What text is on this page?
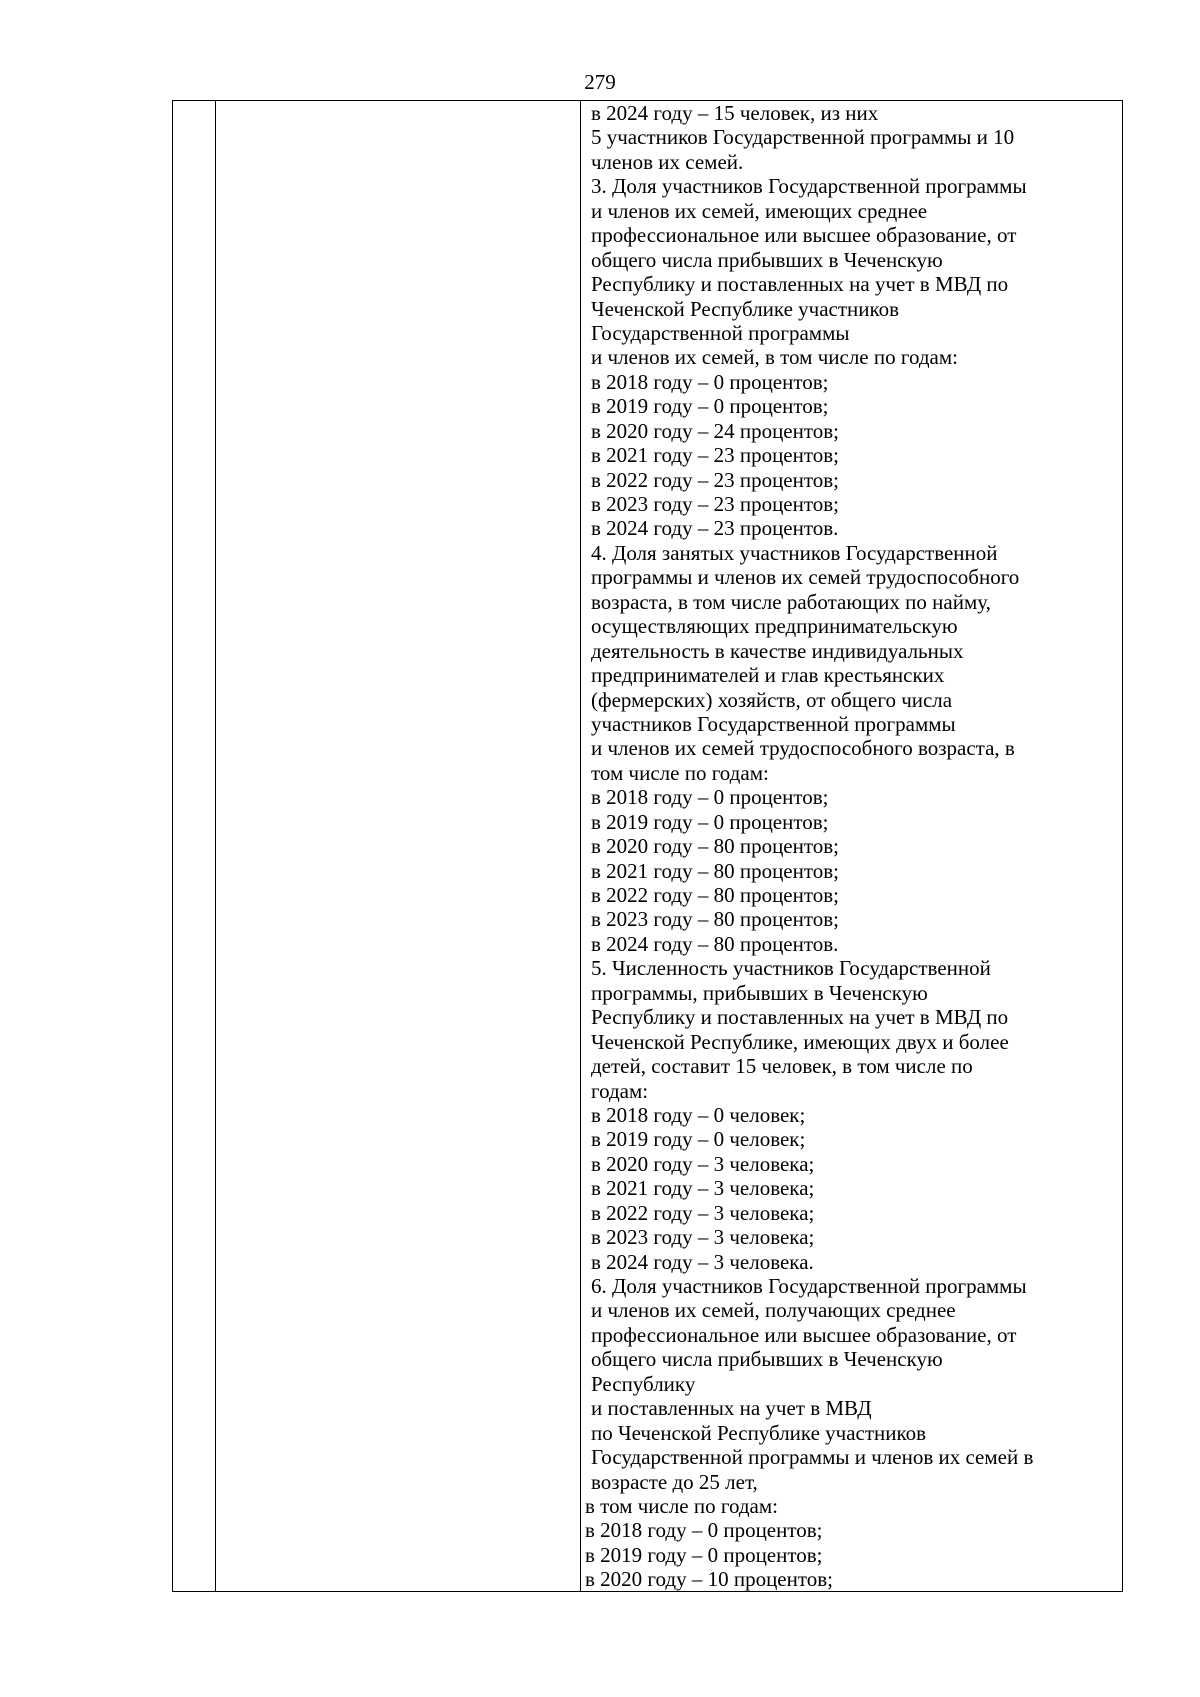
279
в 2024 году – 15 человек, из них
5 участников Государственной программы и 10
членов их семей.
3. Доля участников Государственной программы
и членов их семей, имеющих среднее
профессиональное или высшее образование, от
общего числа прибывших в Чеченскую
Республику и поставленных на учет в МВД по
Чеченской Республике участников
Государственной программы
и членов их семей, в том числе по годам:
в 2018 году – 0 процентов;
в 2019 году – 0 процентов;
в 2020 году – 24 процентов;
в 2021 году – 23 процентов;
в 2022 году – 23 процентов;
в 2023 году – 23 процентов;
в 2024 году – 23 процентов.
4. Доля занятых участников Государственной
программы и членов их семей трудоспособного
возраста, в том числе работающих по найму,
осуществляющих предпринимательскую
деятельность в качестве индивидуальных
предпринимателей и глав крестьянских
(фермерских) хозяйств, от общего числа
участников Государственной программы
и членов их семей трудоспособного возраста, в
том числе по годам:
в 2018 году – 0 процентов;
в 2019 году – 0 процентов;
в 2020 году – 80 процентов;
в 2021 году – 80 процентов;
в 2022 году – 80 процентов;
в 2023 году – 80 процентов;
в 2024 году – 80 процентов.
5. Численность участников Государственной
программы, прибывших в Чеченскую
Республику и поставленных на учет в МВД по
Чеченской Республике, имеющих двух и более
детей, составит 15 человек, в том числе по
годам:
в 2018 году – 0 человек;
в 2019 году – 0 человек;
в 2020 году – 3 человека;
в 2021 году – 3 человека;
в 2022 году – 3 человека;
в 2023 году – 3 человека;
в 2024 году – 3 человека.
6. Доля участников Государственной программы
и членов их семей, получающих среднее
профессиональное или высшее образование, от
общего числа прибывших в Чеченскую
Республику
и поставленных на учет в МВД
по Чеченской Республике участников
Государственной программы и членов их семей в
возрасте до 25 лет,
в том числе по годам:
в 2018 году – 0 процентов;
в 2019 году – 0 процентов;
в 2020 году – 10 процентов;
